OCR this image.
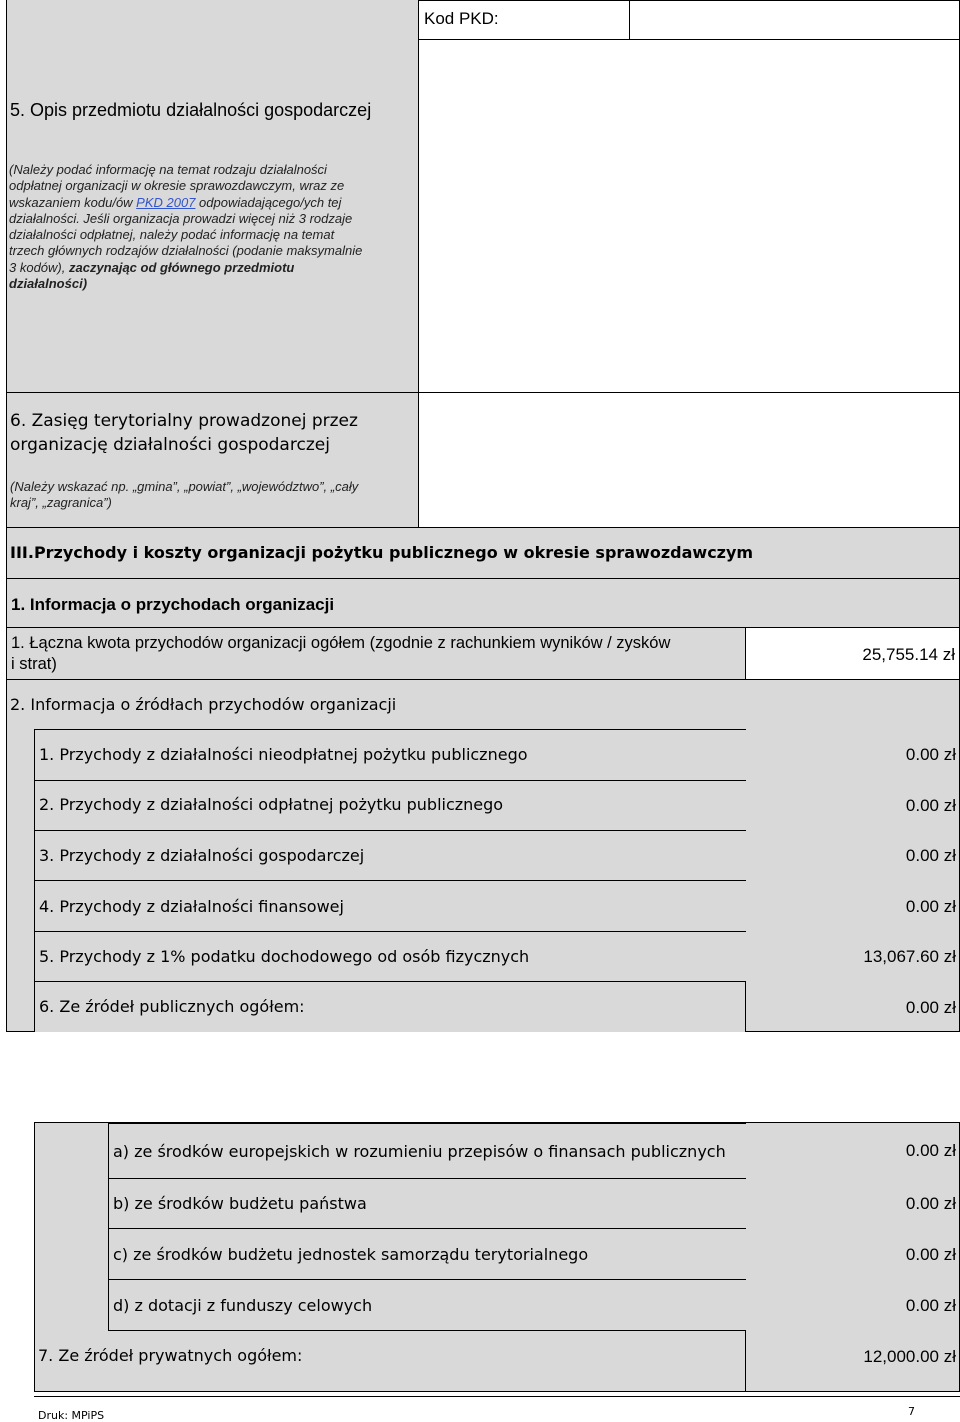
Kod PKD:
5. Opis przedmiotu działalności gospodarczej
(Należy podać informację na temat rodzaju działalności
odpłatnej organizacji w okresie sprawozdawczym, wraz ze
wskazaniem kodu/ów PKD 2007 odpowiadającego/ych tej
działalności. Jeśli organizacja prowadzi więcej niż 3 rodzaje
działalności odpłatnej, należy podać informację na temat
trzech głównych rodzajów działalności (podanie maksymalnie
3 kodów), zaczynając od głównego przedmiotu
działalności)
6. Zasięg terytorialny prowadzonej przez
organizację działalności gospodarczej
(Należy wskazać np. „gmina”, „powiat”, „województwo”, „cały
kraj”, „zagranica”)
III.Przychody i koszty organizacji pożytku publicznego w okresie sprawozdawczym
1. Informacja o przychodach organizacji
1. Łączna kwota przychodów organizacji ogółem (zgodnie z rachunkiem wyników / zysków
i strat)	25,755.14 zł
2. Informacja o źródłach przychodów organizacji
1. Przychody z działalności nieodpłatnej pożytku publicznego	0.00 zł
2. Przychody z działalności odpłatnej pożytku publicznego	0.00 zł
3. Przychody z działalności gospodarczej	0.00 zł
4. Przychody z działalności finansowej	0.00 zł
5. Przychody z 1% podatku dochodowego od osób fizycznych	13,067.60 zł
6. Ze źródeł publicznych ogółem:	0.00 zł
a) ze środków europejskich w rozumieniu przepisów o finansach publicznych	0.00 zł
b) ze środków budżetu państwa	0.00 zł
c) ze środków budżetu jednostek samorządu terytorialnego	0.00 zł
d) z dotacji z funduszy celowych	0.00 zł
7. Ze źródeł prywatnych ogółem:	12,000.00 zł
Druk: MPiPS	7
